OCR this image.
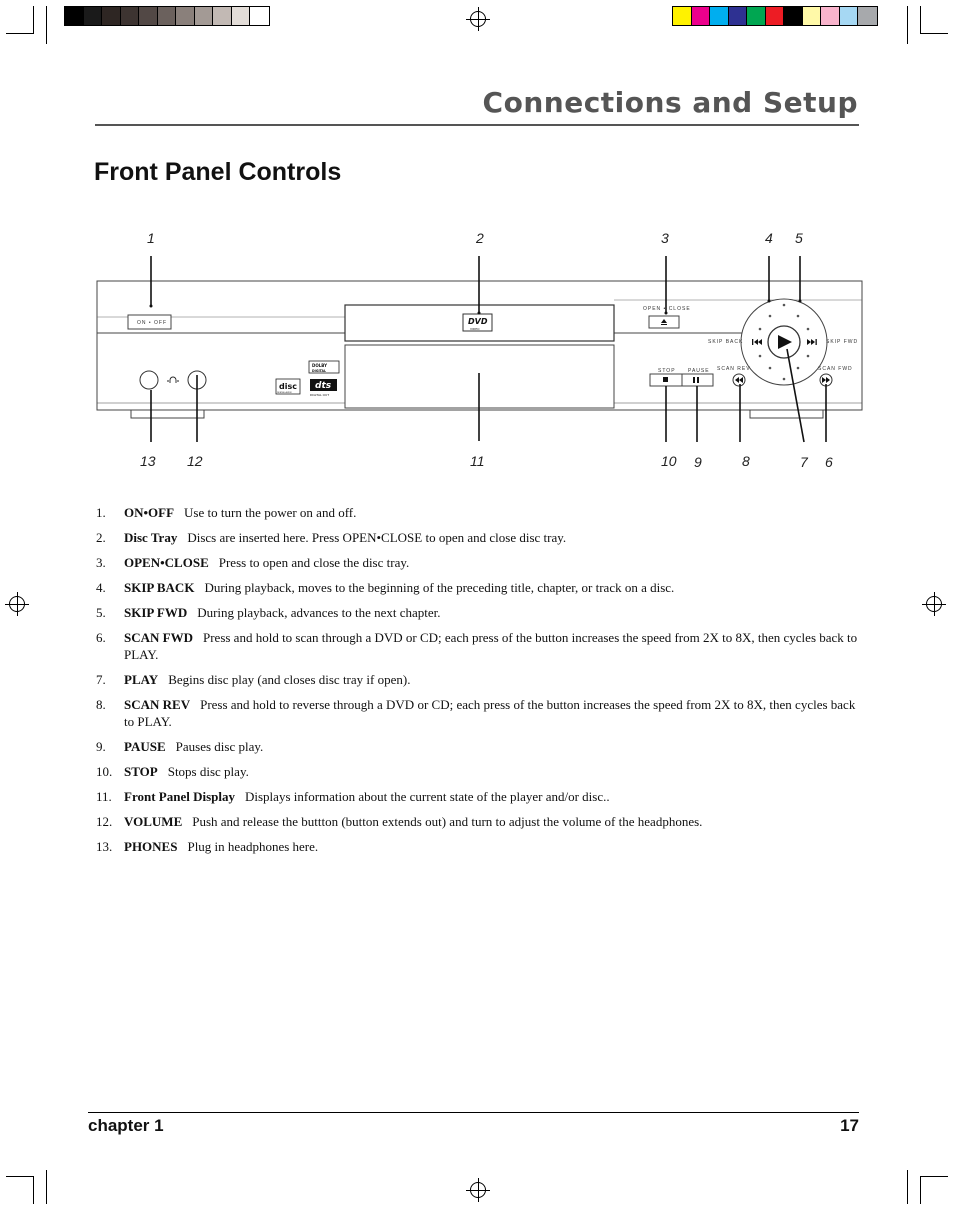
Connections and Setup
Front Panel Controls
1	2	3	4 5
13 12	11	10 9	8	7 6
ON • OFF	DVD
VIDEO
OPEN • CLOSE
STOP PAUSE
SKIP BACK	SKIP FWD
SCAN REV	SCAN FWD
DOLBY
DIGITAL
disc
DIGITAL AUDIO
dts
DIGITAL OUT
1.	ON•OFF Use to turn the power on and off.
2.	Disc Tray Discs are inserted here. Press OPEN•CLOSE to open and close disc tray.
3.	OPEN•CLOSE Press to open and close the disc tray.
4.	SKIP BACK During playback, moves to the beginning of the preceding title, chapter, or track on a disc.
5.	SKIP FWD During playback, advances to the next chapter.
6.	SCAN FWD Press and hold to scan through a DVD or CD; each press of the button increases the speed from 2X to 8X, then cycles back to PLAY.
7.	PLAY Begins disc play (and closes disc tray if open).
8.	SCAN REV Press and hold to reverse through a DVD or CD; each press of the button increases the speed from 2X to 8X, then cycles back to PLAY.
9.	PAUSE Pauses disc play.
10. STOP Stops disc play.
11. Front Panel Display Displays information about the current state of the player and/or disc..
12. VOLUME Push and release the buttton (button extends out) and turn to adjust the volume of the headphones.
13. PHONES Plug in headphones here.
chapter 1	17
